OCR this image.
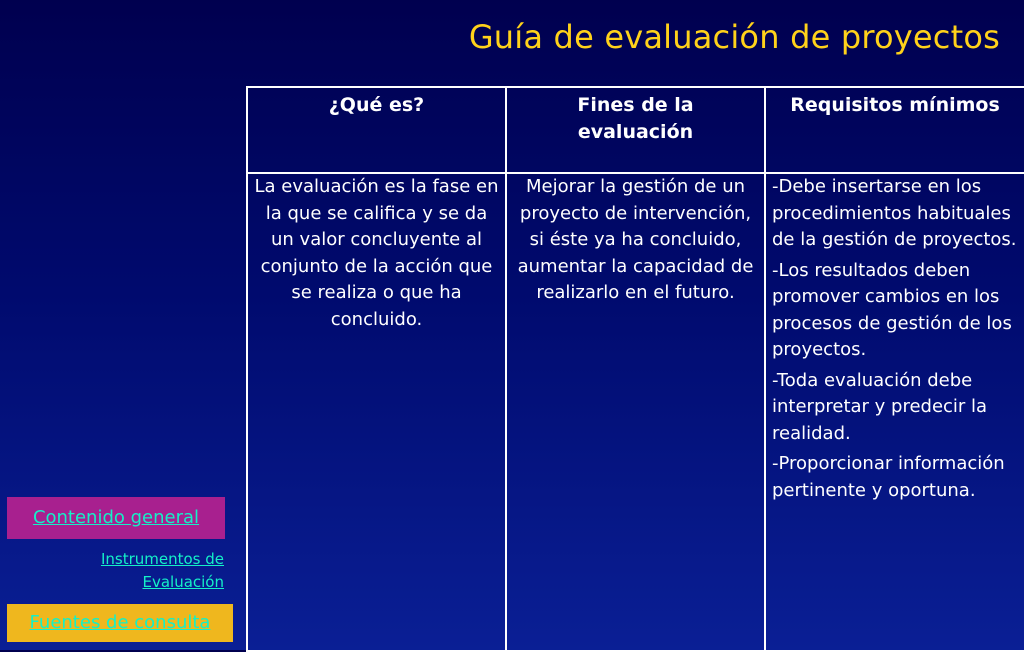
Guía de evaluación de proyectos
¿Qué es?	Fines de la evaluación	Requisitos mínimos
La evaluación es la fase en la que se califica y se da un valor concluyente al conjunto de la acción que se realiza o que ha concluido.	Mejorar la gestión de un proyecto de intervención, si éste ya ha concluido, aumentar la capacidad de realizarlo en el futuro.	-Debe insertarse en los procedimientos habituales de la gestión de proyectos.

-Los resultados deben promover cambios en los procesos de gestión de los proyectos.

-Toda evaluación debe interpretar y predecir la realidad.

-Proporcionar información pertinente y oportuna.

Contenido general
Instrumentos de Evaluación
Fuentes de consulta
